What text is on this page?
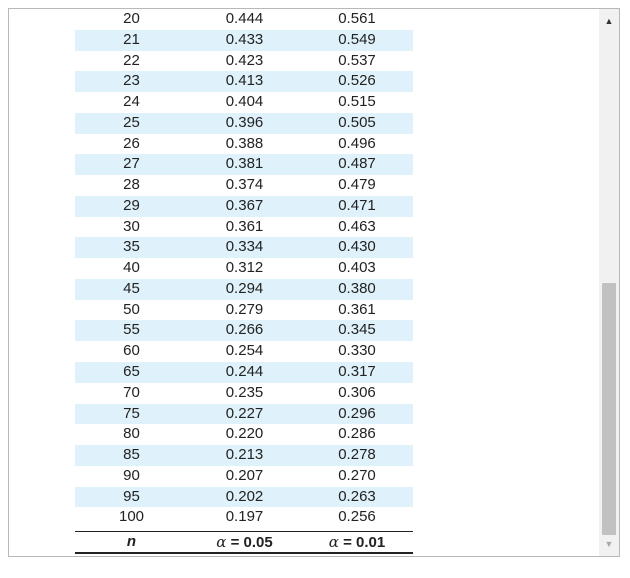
20	0.444	0.561
21	0.433	0.549
22	0.423	0.537
23	0.413	0.526
24	0.404	0.515
25	0.396	0.505
26	0.388	0.496
27	0.381	0.487
28	0.374	0.479
29	0.367	0.471
30	0.361	0.463
35	0.334	0.430
40	0.312	0.403
45	0.294	0.380
50	0.279	0.361
55	0.266	0.345
60	0.254	0.330
65	0.244	0.317
70	0.235	0.306
75	0.227	0.296
80	0.220	0.286
85	0.213	0.278
90	0.207	0.270
95	0.202	0.263
100	0.197	0.256
n	α = 0.05	α = 0.01
▲
▼
